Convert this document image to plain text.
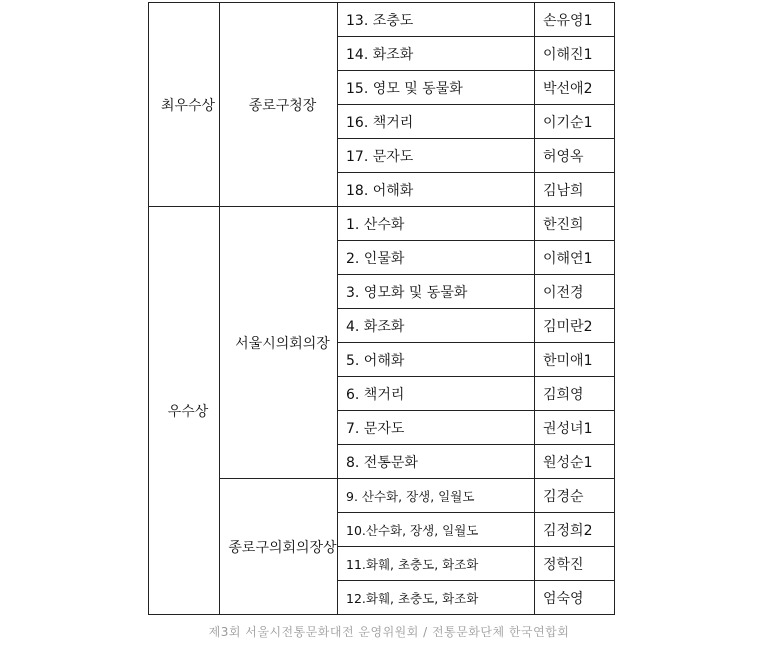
최우수상	종로구청장	13. 조충도	손유영1
		14. 화조화	이해진1
		15. 영모 및 동물화	박선애2
		16. 책거리	이기순1
		17. 문자도	허영옥
		18. 어해화	김남희
우수상	서울시의회의장	1. 산수화	한진희
		2. 인물화	이해연1
		3. 영모화 및 동물화	이전경
		4. 화조화	김미란2
		5. 어해화	한미애1
		6. 책거리	김희영
		7. 문자도	권성녀1
		8. 전통문화	원성순1
	종로구의회의장상	9. 산수화, 장생, 일월도	김경순
		10.산수화, 장생, 일월도	김정희2
		11.화훼, 초충도, 화조화	정학진
		12.화훼, 초충도, 화조화	엄숙영
제3회 서울시전통문화대전 운영위원회 / 전통문화단체 한국연합회
